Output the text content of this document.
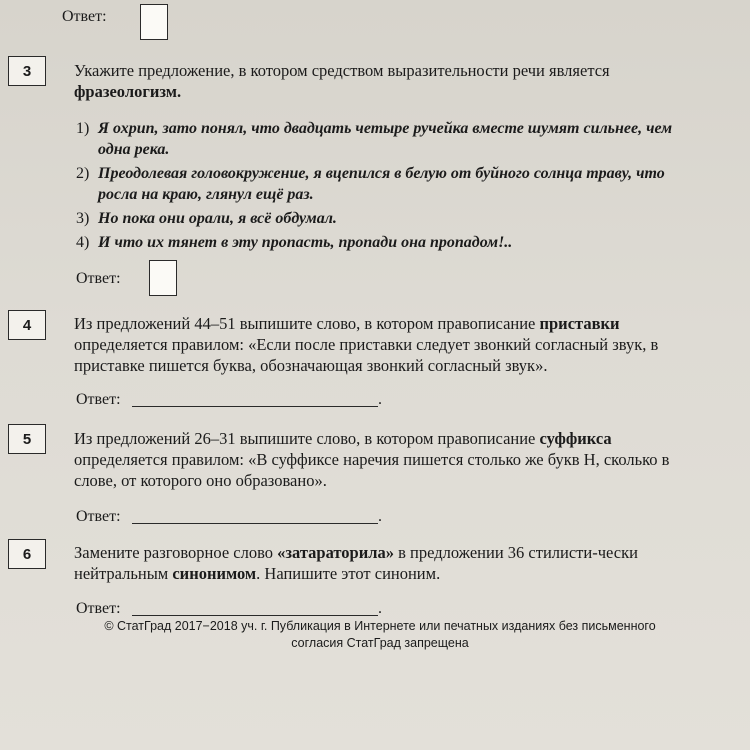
Ответ:
3	Укажите предложение, в котором средством выразительности речи является
фразеологизм.
1) Я охрип, зато понял, что двадцать четыре ручейка вместе шумят сильнее, чем одна река.
2) Преодолевая головокружение, я вцепился в белую от буйного солнца траву, что росла на краю, глянул ещё раз.
3) Но пока они орали, я всё обдумал.
4) И что их тянет в эту пропасть, пропади она пропадом!..
Ответ:
4	Из предложений 44–51 выпишите слово, в котором правописание приставки определяется правилом: «Если после приставки следует звонкий согласный звук, в приставке пишется буква, обозначающая звонкий согласный звук».
Ответ:	.
5	Из предложений 26–31 выпишите слово, в котором правописание суффикса определяется правилом: «В суффиксе наречия пишется столько же букв Н, сколько в слове, от которого оно образовано».
Ответ:	.
6	Замените разговорное слово «затараторила» в предложении 36 стилисти-чески нейтральным синонимом. Напишите этот синоним.
Ответ:	.
© СтатГрад 2017−2018 уч. г. Публикация в Интернете или печатных изданиях без письменного
согласия СтатГрад запрещена
